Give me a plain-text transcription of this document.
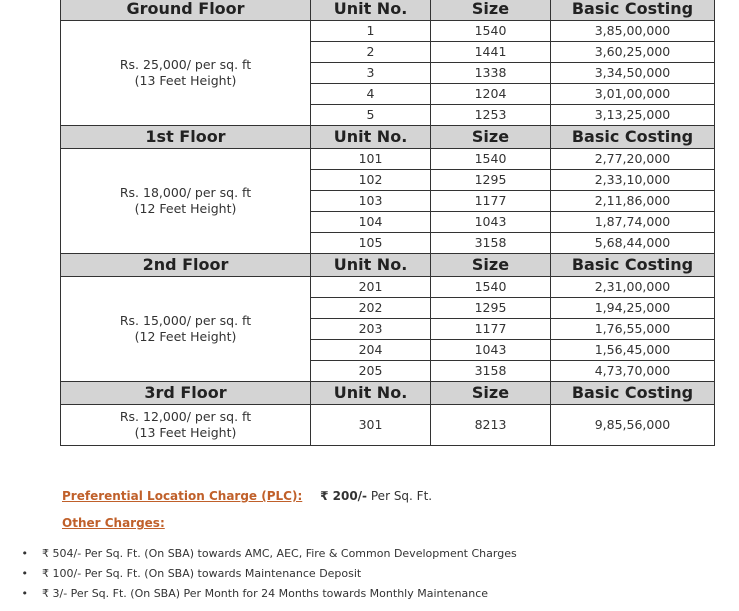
Ground Floor	Unit No.	Size	Basic Costing

Rs. 25,000/ per sq. ft
(13 Feet Height)	1	1540	3,85,00,000
	2	1441	3,60,25,000
	3	1338	3,34,50,000
	4	1204	3,01,00,000
	5	1253	3,13,25,000
1st Floor	Unit No.	Size	Basic Costing

Rs. 18,000/ per sq. ft
(12 Feet Height)	101	1540	2,77,20,000
	102	1295	2,33,10,000
	103	1177	2,11,86,000
	104	1043	1,87,74,000
	105	3158	5,68,44,000
2nd Floor	Unit No.	Size	Basic Costing

Rs. 15,000/ per sq. ft
(12 Feet Height)	201	1540	2,31,00,000
	202	1295	1,94,25,000
	203	1177	1,76,55,000
	204	1043	1,56,45,000
	205	3158	4,73,70,000
3rd Floor	Unit No.	Size	Basic Costing

Rs. 12,000/ per sq. ft
(13 Feet Height)	301	8213	9,85,56,000
Preferential Location Charge (PLC): ₹ 200/- Per Sq. Ft.
Other Charges:
• ₹ 504/- Per Sq. Ft. (On SBA) towards AMC, AEC, Fire & Common Development Charges
• ₹ 100/- Per Sq. Ft. (On SBA) towards Maintenance Deposit
• ₹ 3/- Per Sq. Ft. (On SBA) Per Month for 24 Months towards Monthly Maintenance
